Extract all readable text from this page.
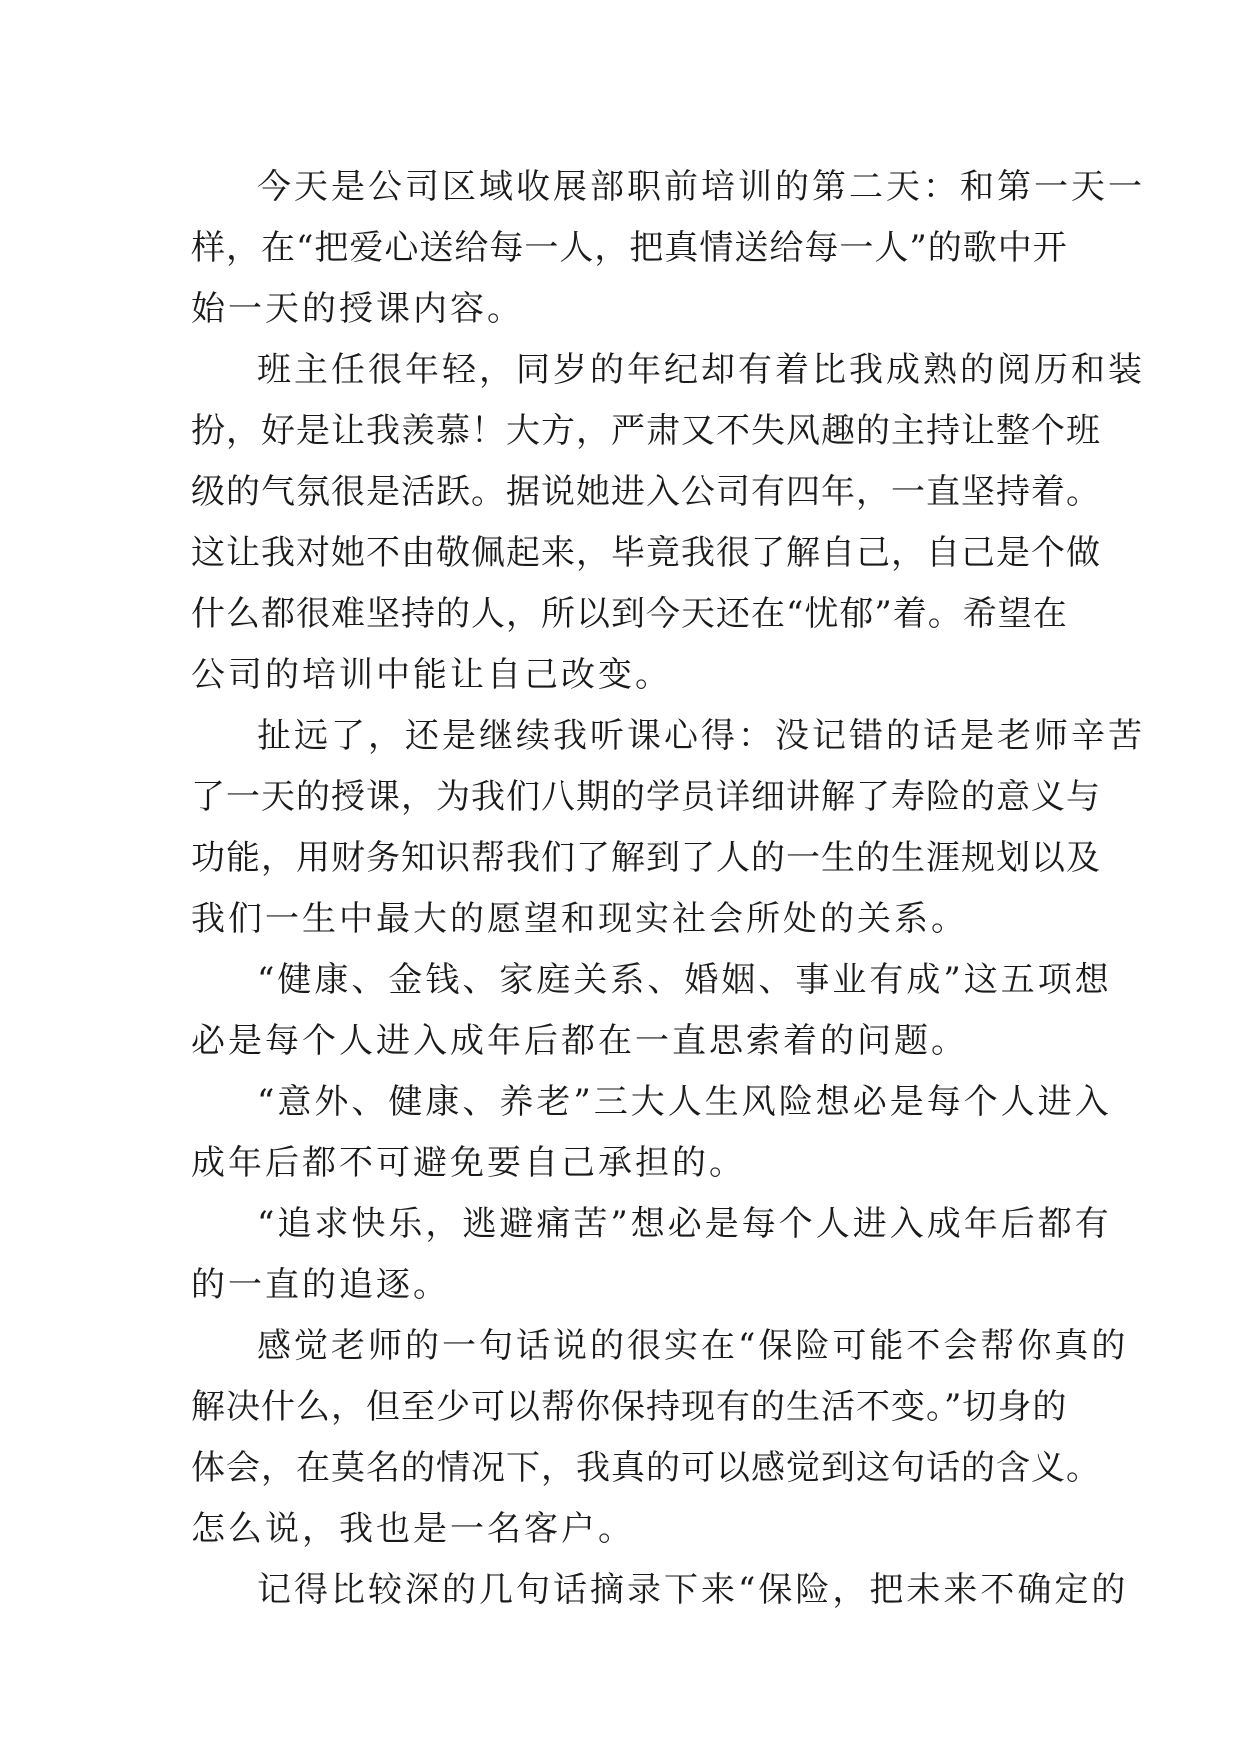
今天是公司区域收展部职前培训的第二天：和第一天一
样，在“把爱心送给每一人，把真情送给每一人”的歌中开
始一天的授课内容。
班主任很年轻，同岁的年纪却有着比我成熟的阅历和装
扮，好是让我羡慕！大方，严肃又不失风趣的主持让整个班
级的气氛很是活跃。据说她进入公司有四年，一直坚持着。
这让我对她不由敬佩起来，毕竟我很了解自己，自己是个做
什么都很难坚持的人，所以到今天还在“忧郁”着。希望在
公司的培训中能让自己改变。
扯远了，还是继续我听课心得：没记错的话是老师辛苦
了一天的授课，为我们八期的学员详细讲解了寿险的意义与
功能，用财务知识帮我们了解到了人的一生的生涯规划以及
我们一生中最大的愿望和现实社会所处的关系。
“健康、金钱、家庭关系、婚姻、事业有成”这五项想
必是每个人进入成年后都在一直思索着的问题。
“意外、健康、养老”三大人生风险想必是每个人进入
成年后都不可避免要自己承担的。
“追求快乐，逃避痛苦”想必是每个人进入成年后都有
的一直的追逐。
感觉老师的一句话说的很实在“保险可能不会帮你真的
解决什么，但至少可以帮你保持现有的生活不变。”切身的
体会，在莫名的情况下，我真的可以感觉到这句话的含义。
怎么说，我也是一名客户。
记得比较深的几句话摘录下来“保险，把未来不确定的
